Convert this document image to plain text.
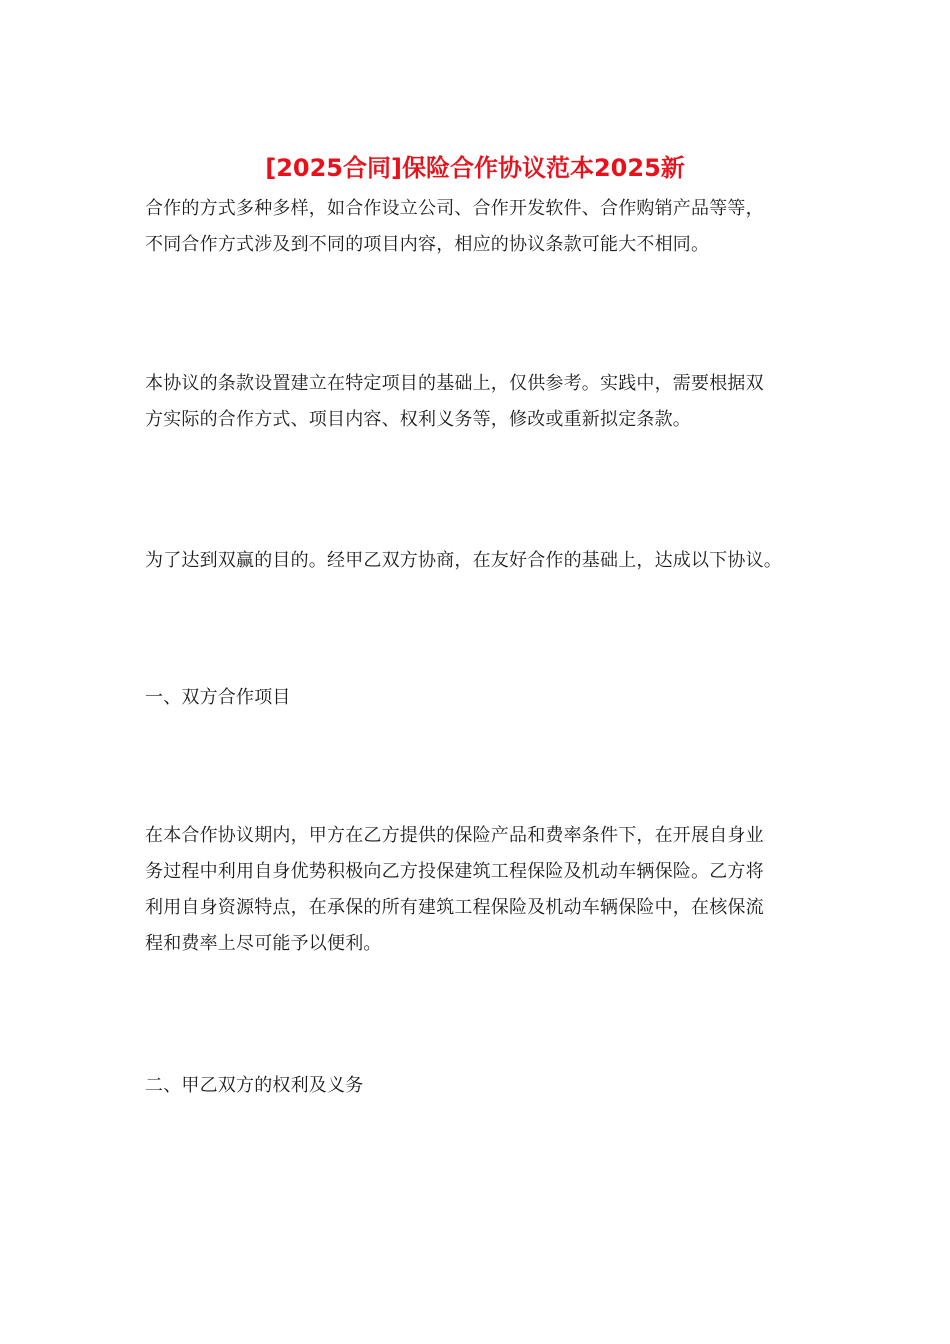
[2025合同]保险合作协议范本2025新

合作的方式多种多样，如合作设立公司、合作开发软件、合作购销产品等等，
不同合作方式涉及到不同的项目内容，相应的协议条款可能大不相同。

本协议的条款设置建立在特定项目的基础上，仅供参考。实践中，需要根据双
方实际的合作方式、项目内容、权利义务等，修改或重新拟定条款。

为了达到双赢的目的。经甲乙双方协商，在友好合作的基础上，达成以下协议。

一、双方合作项目

在本合作协议期内，甲方在乙方提供的保险产品和费率条件下，在开展自身业
务过程中利用自身优势积极向乙方投保建筑工程保险及机动车辆保险。乙方将
利用自身资源特点，在承保的所有建筑工程保险及机动车辆保险中，在核保流
程和费率上尽可能予以便利。

二、甲乙双方的权利及义务
